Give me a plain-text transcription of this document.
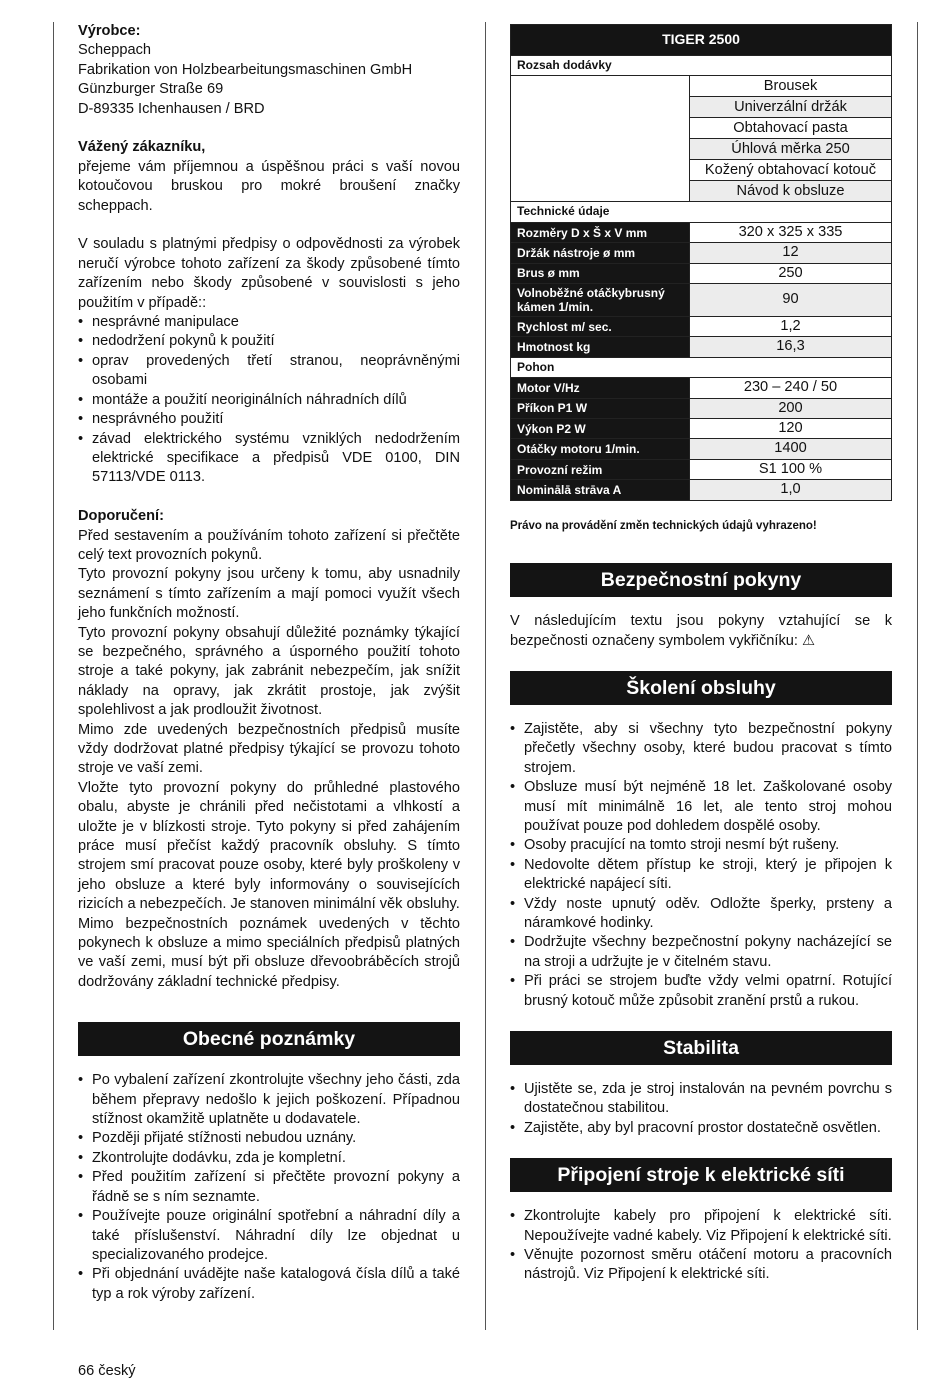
Výrobce:

Scheppach

Fabrikation von Holzbearbeitungsmaschinen GmbH

Günzburger Straße 69

D-89335 Ichenhausen / BRD

Vážený zákazníku,

přejeme vám příjemnou a úspěšnou práci s vaší novou kotoučovou bruskou pro mokré broušení značky scheppach.

V souladu s platnými předpisy o odpovědnosti za výrobek neručí výrobce tohoto zařízení za škody způsobené tímto zařízením nebo škody způsobené v souvislosti s jeho použitím v případě::

• nesprávné manipulace
• nedodržení pokynů k použití
• oprav provedených třetí stranou, neoprávněnými osobami
• montáže a použití neoriginálních náhradních dílů
• nesprávného použití
• závad elektrického systému vzniklých nedodržením elektrické specifikace a předpisů VDE 0100, DIN 57113/VDE 0113.

Doporučení:

Před sestavením a používáním tohoto zařízení si přečtěte celý text provozních pokynů.

Tyto provozní pokyny jsou určeny k tomu, aby usnadnily seznámení s tímto zařízením a mají pomoci využít všech jeho funkčních možností.

Tyto provozní pokyny obsahují důležité poznámky týkající se bezpečného, správného a úsporného použití tohoto stroje a také pokyny, jak zabránit nebezpečím, jak snížit náklady na opravy, jak zkrátit prostoje, jak zvýšit spolehlivost a jak prodloužit životnost.

Mimo zde uvedených bezpečnostních předpisů musíte vždy dodržovat platné předpisy týkající se provozu tohoto stroje ve vaší zemi.

Vložte tyto provozní pokyny do průhledné plastového obalu, abyste je chránili před nečistotami a vlhkostí a uložte je v blízkosti stroje. Tyto pokyny si před zahájením práce musí přečíst každý pracovník obsluhy. S tímto strojem smí pracovat pouze osoby, které byly proškoleny v jeho obsluze a které byly informovány o souvisejících rizicích a nebezpečích. Je stanoven minimální věk obsluhy.

Mimo bezpečnostních poznámek uvedených v těchto pokynech k obsluze a mimo speciálních předpisů platných ve vaší zemi, musí být při obsluze dřevoobráběcích strojů dodržovány základní technické předpisy.

Obecné poznámky
• Po vybalení zařízení zkontrolujte všechny jeho části, zda během přepravy nedošlo k jejich poškození. Případnou stížnost okamžitě uplatněte u dodavatele.
• Později přijaté stížnosti nebudou uznány.
• Zkontrolujte dodávku, zda je kompletní.
• Před použitím zařízení si přečtěte provozní pokyny a řádně se s ním seznamte.
• Používejte pouze originální spotřební a náhradní díly a také příslušenství. Náhradní díly lze objednat u specializovaného prodejce.
• Při objednání uvádějte naše katalogová čísla dílů a také typ a rok výroby zařízení.
TIGER 2500	
Rozsah dodávky	
	Brousek
	Univerzální držák
	Obtahovací pasta
	Úhlová měrka 250
	Kožený obtahovací kotouč
	Návod k obsluze
Technické údaje	
Rozměry D x Š x V mm	320 x 325 x 335
Držák nástroje ø mm	12
Brus ø mm	250
Volnoběžné otáčkybrusný kámen 1/min.	90
Rychlost m/ sec.	1,2
Hmotnost kg	16,3
Pohon	
Motor V/Hz	230 – 240 / 50
Příkon P1 W	200
Výkon P2 W	120
Otáčky motoru 1/min.	1400
Provozní režim	S1 100 %
Nominālā strāva A	1,0

Právo na provádění změn technických údajů vyhrazeno!

Bezpečnostní pokyny

V následujícím textu jsou pokyny vztahující se k bezpečnosti označeny symbolem vykřičníku: ⚠

Školení obsluhy
• Zajistěte, aby si všechny tyto bezpečnostní pokyny přečetly všechny osoby, které budou pracovat s tímto strojem.
• Obsluze musí být nejméně 18 let. Zaškolované osoby musí mít minimálně 16 let, ale tento stroj mohou používat pouze pod dohledem dospělé osoby.
• Osoby pracující na tomto stroji nesmí být rušeny.
• Nedovolte dětem přístup ke stroji, který je připojen k elektrické napájecí síti.
• Vždy noste upnutý oděv. Odložte šperky, prsteny a náramkové hodinky.
• Dodržujte všechny bezpečnostní pokyny nacházející se na stroji a udržujte je v čitelném stavu.
• Při práci se strojem buďte vždy velmi opatrní. Rotující brusný kotouč může způsobit zranění prstů a rukou.
Stabilita
• Ujistěte se, zda je stroj instalován na pevném povrchu s dostatečnou stabilitou.
• Zajistěte, aby byl pracovní prostor dostatečně osvětlen.
Připojení stroje k elektrické síti
• Zkontrolujte kabely pro připojení k elektrické síti. Nepoužívejte vadné kabely. Viz Připojení k elektrické síti.
• Věnujte pozornost směru otáčení motoru a pracovních nástrojů. Viz Připojení k elektrické síti.
66 český
